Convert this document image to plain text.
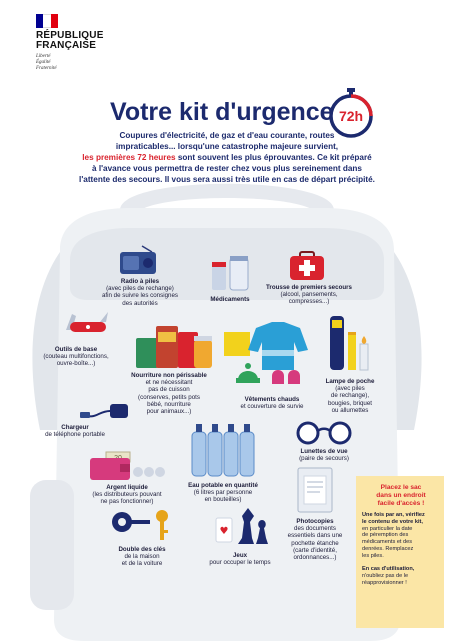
RÉPUBLIQUE
FRANÇAISE
Liberté
Égalité
Fraternité
Votre kit d'urgence 72h
Coupures d'électricité, de gaz et d'eau courante, routes
impraticables... lorsqu'une catastrophe majeure survient,
les premières 72 heures sont souvent les plus éprouvantes. Ce kit préparé
à l'avance vous permettra de rester chez vous plus sereinement dans
l'attente des secours. Il vous sera aussi très utile en cas de départ précipité.
Radio à piles
(avec piles de rechange)
afin de suivre les consignes
des autorités
Médicaments
Trousse de premiers secours
(alcool, pansements,
compresses...)
Outils de base
(couteau multifonctions,
ouvre-boîte...)
Nourriture non périssable
et ne nécessitant
pas de cuisson
(conserves, petits pots
bébé, nourriture
pour animaux...)
Vêtements chauds
et couverture de survie
Lampe de poche
(avec piles
de rechange),
bougies, briquet
ou allumettes
Chargeur
de téléphone portable
Lunettes de vue
(paire de secours)
Argent liquide
(les distributeurs pouvant
ne pas fonctionner)
Eau potable en quantité
(6 litres par personne
en bouteilles)
Photocopies
des documents
essentiels dans une
pochette étanche
(carte d'identité,
ordonnances...)
Double des clés
de la maison
et de la voiture
♥
Jeux
pour occuper le temps
Placez le sac
dans un endroit
facile d'accès !
Une fois par an, vérifiez
le contenu de votre kit,
en particulier la date
de péremption des
médicaments et des
denrées. Remplacez
les piles.
En cas d'utilisation,
n'oubliez pas de le
réapprovisionner !
